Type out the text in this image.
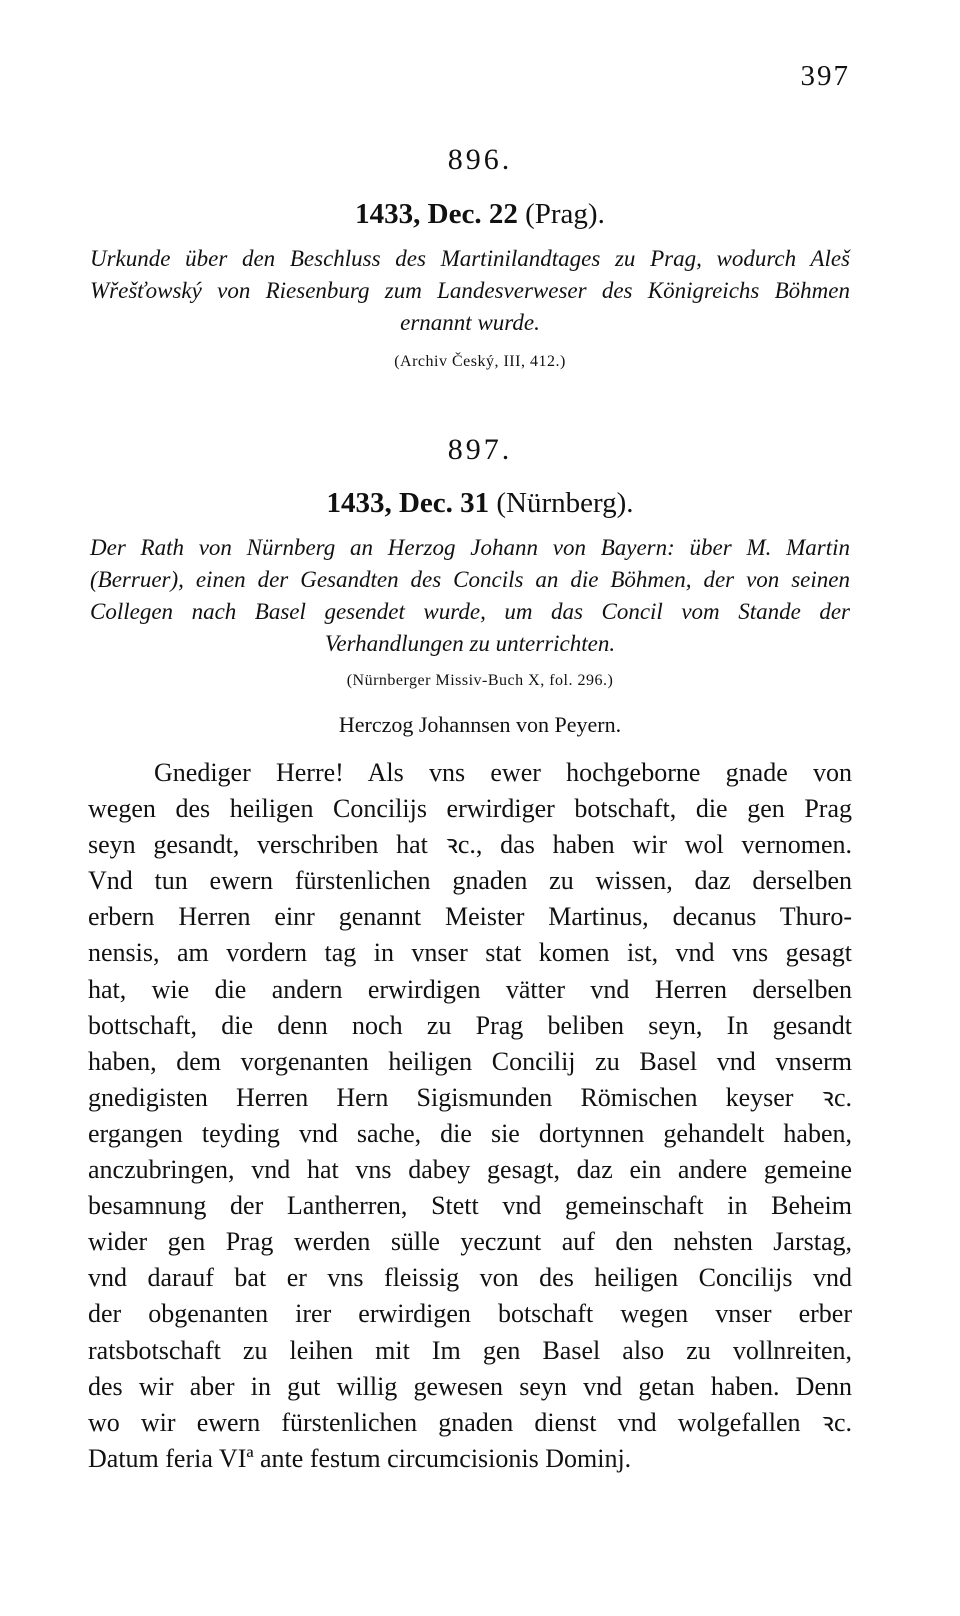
397
896.
1433, Dec. 22 (Prag).
Urkunde über den Beschluss des Martinilandtages zu Prag, wodurch Aleš Wřešťowský von Riesenburg zum Landesverweser des Königreichs Böhmen ernannt wurde.
(Archiv Český, III, 412.)
897.
1433, Dec. 31 (Nürnberg).
Der Rath von Nürnberg an Herzog Johann von Bayern: über M. Martin (Berruer), einen der Gesandten des Concils an die Böhmen, der von seinen Collegen nach Basel gesendet wurde, um das Concil vom Stande der Verhandlungen zu unterrichten.
(Nürnberger Missiv-Buch X, fol. 296.)
Herczog Johannsen von Peyern.
Gnediger Herre! Als vns ewer hochgeborne gnade von
wegen des heiligen Concilijs erwirdiger botschaft, die gen Prag
seyn gesandt, verschriben hat ꝛc., das haben wir wol vernomen.
Vnd tun ewern fürstenlichen gnaden zu wissen, daz derselben
erbern Herren einr genannt Meister Martinus, decanus Thuro-
nensis, am vordern tag in vnser stat komen ist, vnd vns gesagt
hat, wie die andern erwirdigen vätter vnd Herren derselben
bottschaft, die denn noch zu Prag beliben seyn, In gesandt
haben, dem vorgenanten heiligen Concilij zu Basel vnd vnserm
gnedigisten Herren Hern Sigismunden Römischen keyser ꝛc.
ergangen teyding vnd sache, die sie dortynnen gehandelt haben,
anczubringen, vnd hat vns dabey gesagt, daz ein andere gemeine
besamnung der Lantherren, Stett vnd gemeinschaft in Beheim
wider gen Prag werden sülle yeczunt auf den nehsten Jarstag,
vnd darauf bat er vns fleissig von des heiligen Concilijs vnd
der obgenanten irer erwirdigen botschaft wegen vnser erber
ratsbotschaft zu leihen mit Im gen Basel also zu vollnreiten,
des wir aber in gut willig gewesen seyn vnd getan haben. Denn
wo wir ewern fürstenlichen gnaden dienst vnd wolgefallen ꝛc.
Datum feria VIª ante festum circumcisionis Dominj.
